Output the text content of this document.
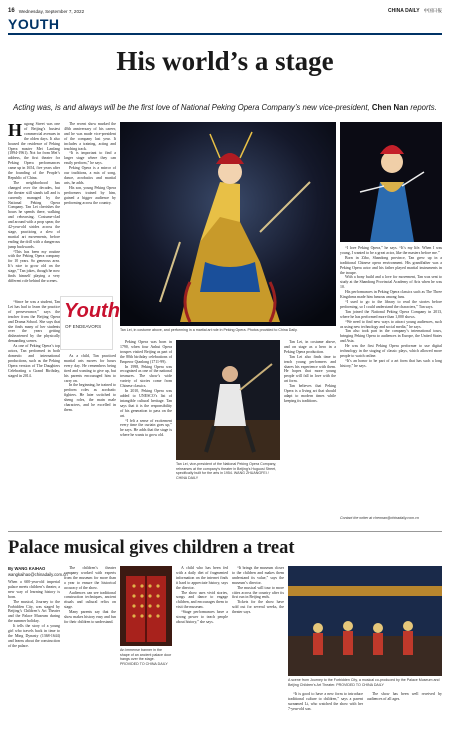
16 Wednesday, September 7, 2022	CHINA DAILY 中国日报
YOUTH
His world’s a stage
Acting was, is and always will be the first love of National Peking Opera Company’s new vice-president, Chen Nan reports.
H ugong Street was one of Beijing’s busiest commercial avenues in the olden days. It also housed the residence of Peking Opera master Mei Lanfang (1894-1961). Not far from Mei’s address, the first theater for Peking Opera performances came up in 1654, five years after the founding of the People’s Republic of China.

The neighborhood has changed over the decades, but the theater still stands tall and is currently managed by the National Peking Opera Company. Tan Lei cherishes the hours he spends there, walking and rehearsing. Costume-clad and around with a prop spear, the 42-year-old strides across the stage, practicing a slew of martial art movements, before ending the drill with a dangerous jump backwards.

“This has been my routine with the Peking Opera company for 10 years. So generous area. It’s nice to grow old on the stage,” Tan jokes, though he now finds himself playing a very different role behind the scenes.

“Since he was a student, Tan Lei has had to learn the practice of perseverance,” says the teacher from the Beijing Opera and Drama School. She says that she finds many of her students over the years getting disheartened by the physically demanding scenes.

As one of Peking Opera’s top actors, Tan performed in both domestic and international productions, such as the Peking Opera version of The Daughters Celebrating a Grand Birthday, staged in 2014.

The recent show marked the 40th anniversary of his career, and he was made vice-president of the company last year. It includes a training, acting and teaching track.

“It is important to find a larger stage where they can easily perform,” he says.

Peking Opera is a mirror of our traditions, a mix of song, dance, acrobatics and martial arts, he adds.

His son, young Peking Opera performers trained by him, gained a bigger audience by performing across the country.

Youth
OF ENDEAVORS

As a child, Tan practiced martial arts moves for hours every day. He remembers being tired and wanting to give up, but his parents encouraged him to carry on.

In the beginning, he trained to perform roles as acrobatic fighters. He later switched to sheng roles, the main male characters, and he excelled in them.

Tan Lei, in costume above, and performing in a martial art role in Peking Opera. Photos provided to China Daily.

Peking Opera was born in 1790, when four Anhui Opera troupes visited Beijing as part of the 80th birthday celebrations of Emperor Qianlong (1711-99).

In 1998, Peking Opera was recognized as one of the national treasures. The show’s wide variety of stories come from Chinese classics.

In 2010, Peking Opera was added to UNESCO’s list of intangible cultural heritage. Tan says that it is the responsibility of his generation to pass on the art.

“I felt a sense of excitement every time the curtain goes up,” he says. He adds that the stage is where he wants to grow old.

Tan Lei, vice-president of the National Peking Opera Company, rehearses at the company’s theater in Beijing’s Huguosi Street, specifically built for the arts in 1954. WANG ZHUANGFEI / CHINA DAILY

Tan Lei, in costume above, and on stage as a hero in a Peking Opera production.

Tan Lei also finds time to teach young performers and shares his experience with them. He hopes that more young people will fall in love with the art form.

Tan believes that Peking Opera is a living art that should adapt to modern times while keeping its traditions.

“I love Peking Opera,” he says. “It’s my life. When I was young, I wanted to be a great actor, like the masters before me.”

Born in Zibo, Shandong province, Tan grew up in a traditional Chinese opera environment. His grandfather was a Peking Opera actor and his father played martial instruments in the troupe.

With a bony build and a love for movement, Tan was sent to study at the Shandong Provincial Academy of Arts when he was 10.

His performances in Peking Opera classics such as The Three Kingdoms made him famous among fans.

“I used to go to the library to read the stories before performing, so I could understand the characters,” Tan says.

Tan joined the National Peking Opera Company in 2013, where he has performed more than 1,000 shows.

“We need to find new ways to attract young audiences, such as using new technology and social media,” he says.

Tan also took part in the company’s international tours, bringing Peking Opera to audiences in Europe, the United States and Asia.

He was the first Peking Opera performer to use digital technology in the staging of classic plays, which allowed more people to watch online.

“It’s an honor to be part of a art form that has such a long history,” he says.

Contact the writer at chennan@chinadaily.com.cn
Palace musical gives children a treat
By WANG KAIHAO
wangkaihao@chinadaily.com.cn

When a 600-year-old imperial palace meets children’s theater, a new way of learning history is born.

The musical, Journey to the Forbidden City, was staged by Beijing’s Children’s Art Theater and the Palace Museum during the summer holiday.

It tells the story of a young girl who travels back in time to the Ming Dynasty (1368-1644) and learns about the construction of the palace.

The children’s theater company worked with experts from the museum for more than a year to ensure the historical accuracy of the show.

Audiences can see traditional construction techniques, ancient rituals and cultural relics on stage.

Many parents say that the show makes history easy and fun for their children to understand.

An immense banner in the shape of an ancient palace door hangs over the stage. PROVIDED TO CHINA DAILY

A child who has been fed with a daily diet of fragmented information on the internet finds it hard to appreciate history, says the director.

The show uses vivid stories, songs and dance to engage children, and encourages them to visit the museum.

“Stage performances have a strong power to teach people about history,” she says.

“It brings the museum closer to the children and makes them understand its value,” says the museum’s director.

The musical will tour to more cities across the country after its first run in Beijing ends.

Tickets for the show have sold out for several weeks, the theater says.

A scene from Journey to the Forbidden City, a musical co-produced by the Palace Museum and Beijing Children’s Art Theater. PROVIDED TO CHINA DAILY

“It is good to have a new form to introduce traditional culture to children,” says a parent surnamed Li, who watched the show with her 7-year-old son.

The show has been well received by audiences of all ages.
